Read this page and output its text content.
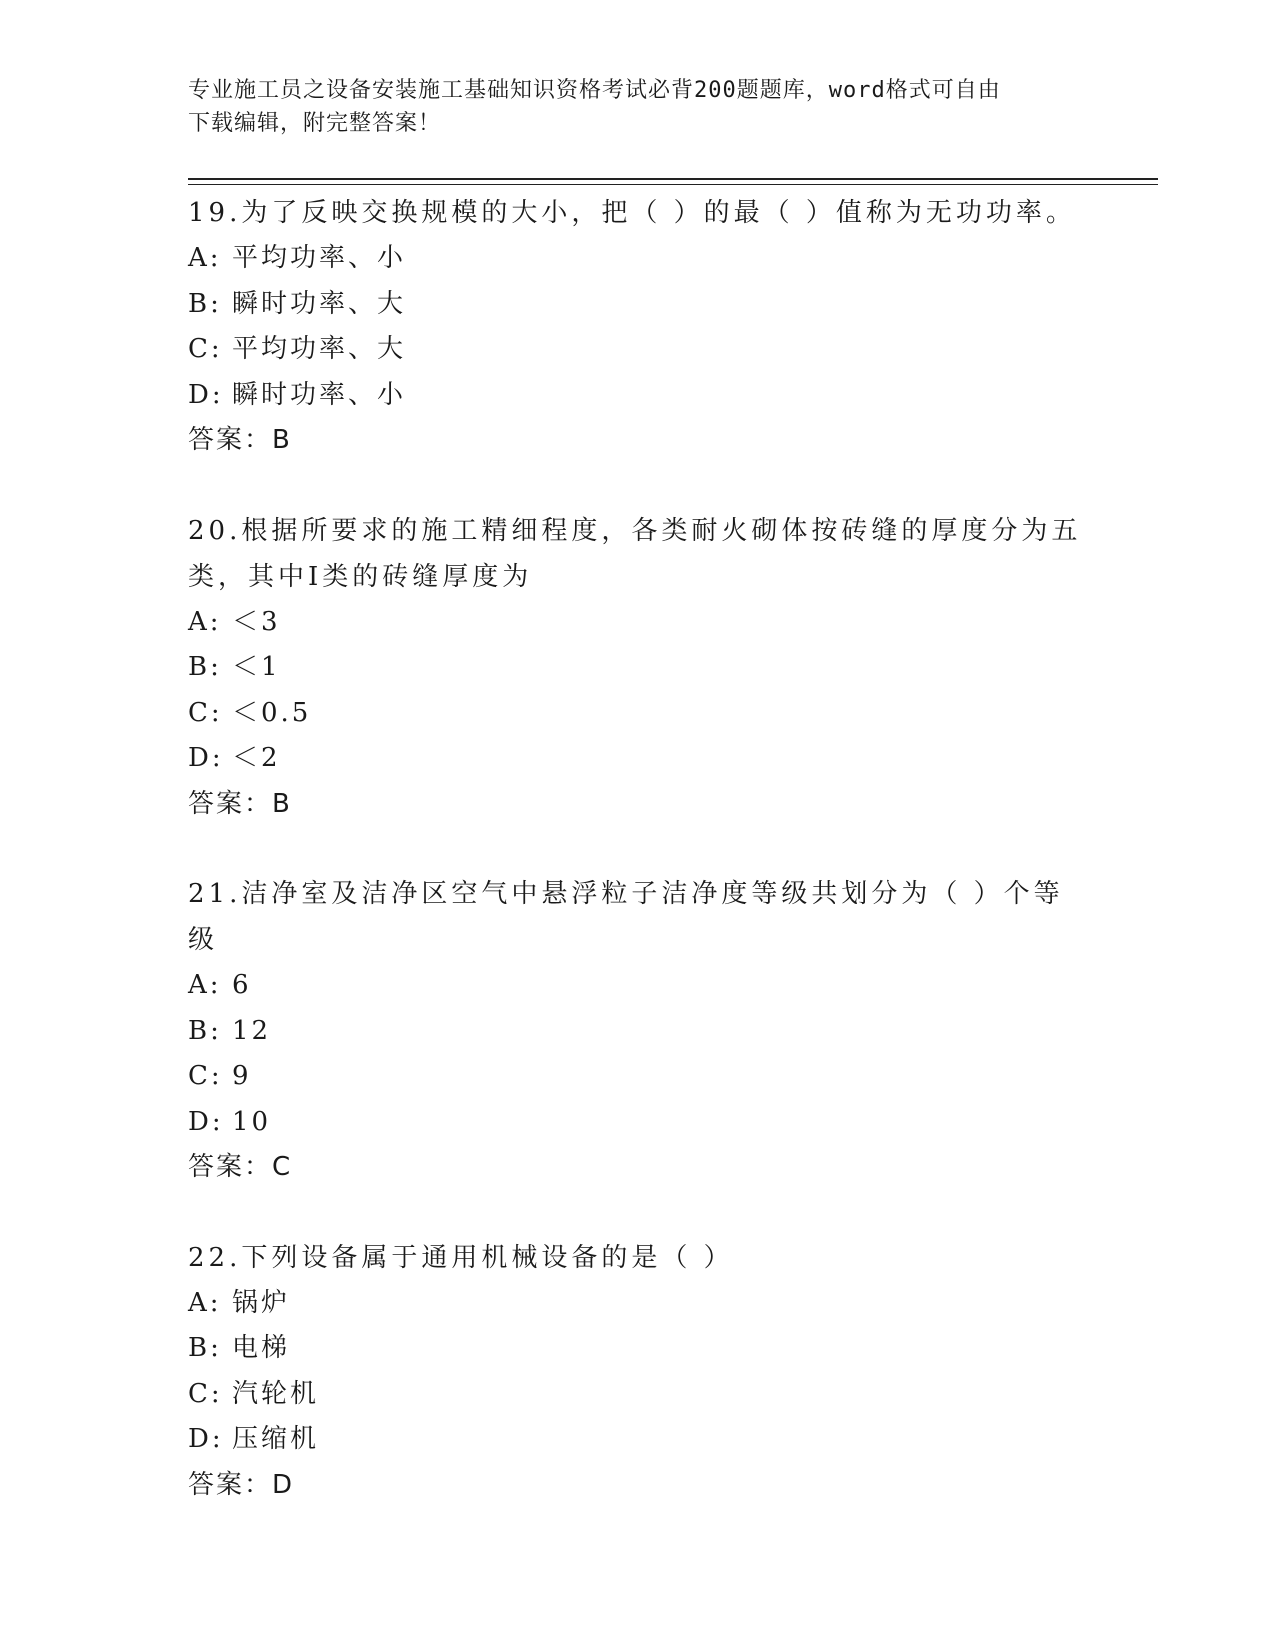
专业施工员之设备安装施工基础知识资格考试必背200题题库，word格式可自由
下载编辑，附完整答案！
19.为了反映交换规模的大小，把（ ）的最（ ）值称为无功功率。
A: 平均功率、小
B: 瞬时功率、大
C: 平均功率、大
D: 瞬时功率、小
答案：B
20.根据所要求的施工精细程度，各类耐火砌体按砖缝的厚度分为五类，其中Ⅰ类的砖缝厚度为
A: ＜3
B: ＜1
C: ＜0.5
D: ＜2
答案：B
21.洁净室及洁净区空气中悬浮粒子洁净度等级共划分为（ ）个等级
A: 6
B: 12
C: 9
D: 10
答案：C
22.下列设备属于通用机械设备的是（ ）
A: 锅炉
B: 电梯
C: 汽轮机
D: 压缩机
答案：D
